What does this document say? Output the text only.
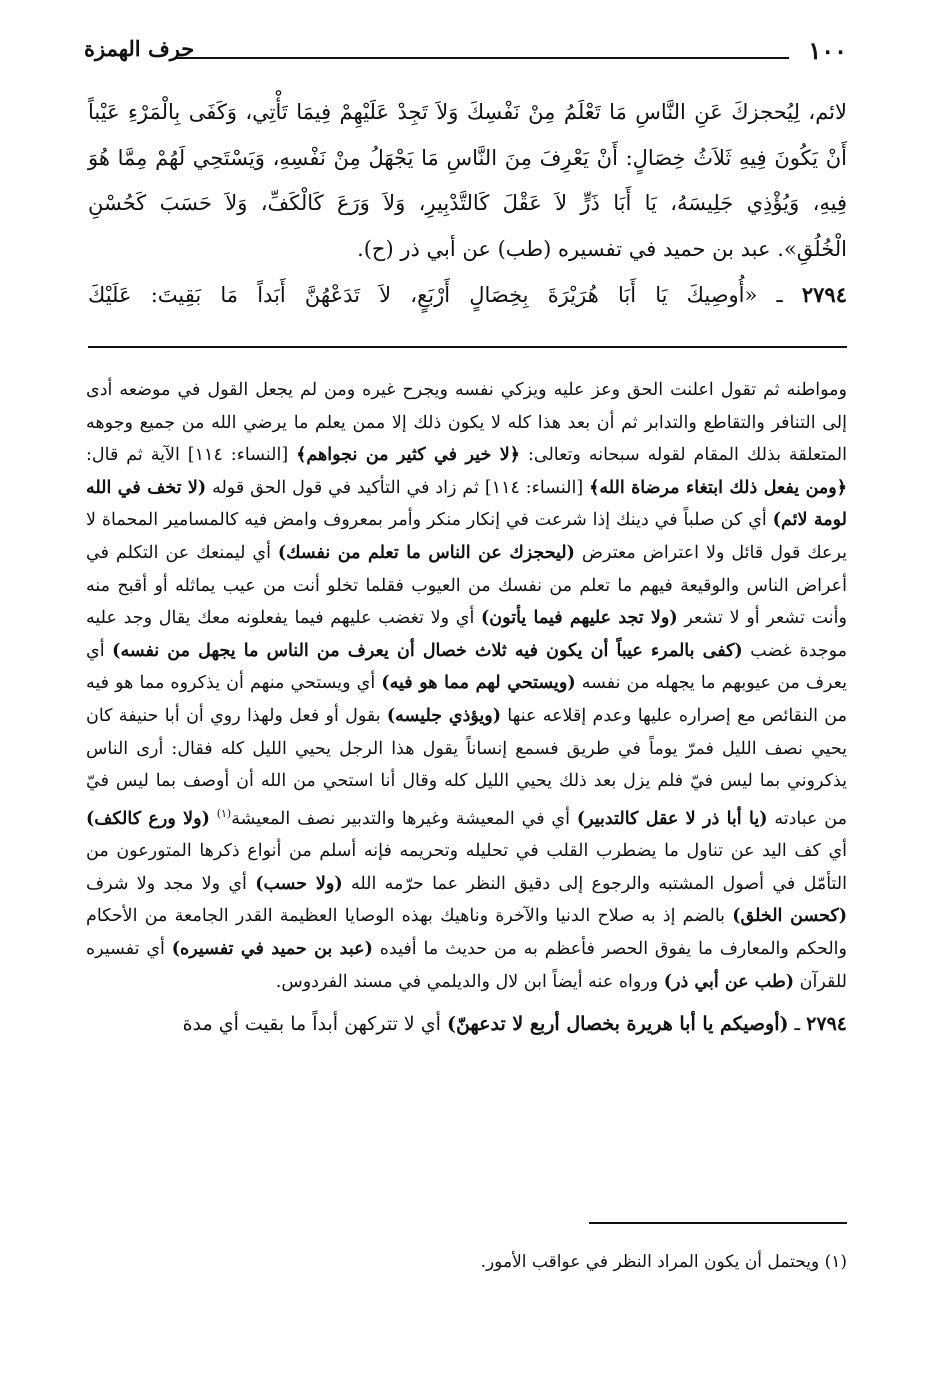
١٠٠
حرف الهمزة

لائم، لِيُحجزكَ عَنِ النَّاسِ مَا تَعْلَمُ مِنْ نَفْسِكَ وَلاَ تَجِدْ عَلَيْهِمْ فِيمَا تَأْتِي، وَكَفَى بِالْمَرْءِ عَيْباً

أَنْ يَكُونَ فِيهِ ثَلاَثُ خِصَالٍ: أَنْ يَعْرِفَ مِنَ النَّاسِ مَا يَجْهَلُ مِنْ نَفْسِهِ، وَيَسْتَحِي لَهُمْ مِمَّا هُوَ

فِيهِ، وَيُؤْذِي جَلِيسَهُ، يَا أَبَا ذَرٍّ لاَ عَقْلَ كَالتَّدْبِيرِ، وَلاَ وَرَعَ كَالْكَفِّ، وَلاَ حَسَبَ كَحُسْنِ

الْخُلُقِ». عبد بن حميد في تفسيره (طب) عن أبي ذر (ح).

٢٧٩٤ ـ «أُوصِيكَ يَا أَبَا هُرَيْرَةَ بِخِصَالٍ أَرْبَعٍ، لاَ تَدَعْهُنَّ أَبَداً مَا بَقِيتَ: عَلَيْكَ

ومواطنه ثم تقول اعلنت الحق وعز عليه ويزكي نفسه ويجرح غيره ومن لم يجعل القول في موضعه أدى إلى التنافر والتقاطع والتدابر ثم أن بعد هذا كله لا يكون ذلك إلا ممن يعلم ما يرضي الله من جميع وجوهه المتعلقة بذلك المقام لقوله سبحانه وتعالى: ﴿لا خير في كثير من نجواهم﴾ [النساء: ١١٤] الآية ثم قال: ﴿ومن يفعل ذلك ابتغاء مرضاة الله﴾ [النساء: ١١٤] ثم زاد في التأكيد في قول الحق قوله (لا تخف في الله لومة لائم) أي كن صلباً في دينك إذا شرعت في إنكار منكر وأمر بمعروف وامض فيه كالمسامير المحماة لا يرعك قول قائل ولا اعتراض معترض (ليحجزك عن الناس ما تعلم من نفسك) أي ليمنعك عن التكلم في أعراض الناس والوقيعة فيهم ما تعلم من نفسك من العيوب فقلما تخلو أنت من عيب يماثله أو أقبح منه وأنت تشعر أو لا تشعر (ولا تجد عليهم فيما يأتون) أي ولا تغضب عليهم فيما يفعلونه معك يقال وجد عليه موجدة غضب (كفى بالمرء عيباً أن يكون فيه ثلاث خصال أن يعرف من الناس ما يجهل من نفسه) أي يعرف من عيوبهم ما يجهله من نفسه (ويستحي لهم مما هو فيه) أي ويستحي منهم أن يذكروه مما هو فيه من النقائص مع إصراره عليها وعدم إقلاعه عنها (ويؤذي جليسه) بقول أو فعل ولهذا روي أن أبا حنيفة كان يحيي نصف الليل فمرّ يوماً في طريق فسمع إنساناً يقول هذا الرجل يحيي الليل كله فقال: أرى الناس يذكروني بما ليس فيّ فلم يزل بعد ذلك يحيي الليل كله وقال أنا استحي من الله أن أوصف بما ليس فيّ من عبادته (يا أبا ذر لا عقل كالتدبير) أي في المعيشة وغيرها والتدبير نصف المعيشة$^{(١)}$ (ولا ورع كالكف) أي كف اليد عن تناول ما يضطرب القلب في تحليله وتحريمه فإنه أسلم من أنواع ذكرها المتورعون من التأمّل في أصول المشتبه والرجوع إلى دقيق النظر عما حرّمه الله (ولا حسب) أي ولا مجد ولا شرف (كحسن الخلق) بالضم إذ به صلاح الدنيا والآخرة وناهيك بهذه الوصايا العظيمة القدر الجامعة من الأحكام والحكم والمعارف ما يفوق الحصر فأعظم به من حديث ما أفيده (عبد بن حميد في تفسيره) أي تفسيره للقرآن (طب عن أبي ذر) ورواه عنه أيضاً ابن لال والديلمي في مسند الفردوس.

٢٧٩٤ ـ (أوصيكم يا أبا هريرة بخصال أربع لا تدعهنّ) أي لا تتركهن أبداً ما بقيت أي مدة

(١) ويحتمل أن يكون المراد النظر في عواقب الأمور.
